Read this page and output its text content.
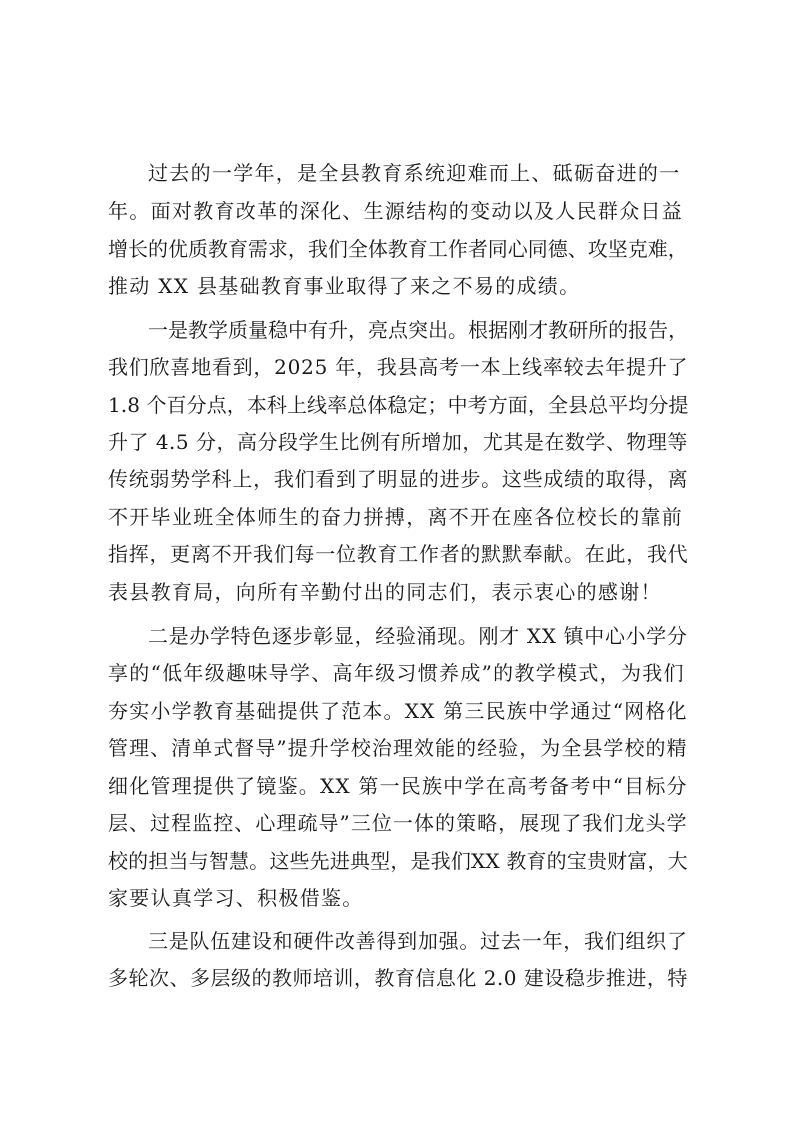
过去的一学年，是全县教育系统迎难而上、砥砺奋进的一

年。面对教育改革的深化、生源结构的变动以及人民群众日益

增长的优质教育需求，我们全体教育工作者同心同德、攻坚克难，

推动 XX 县基础教育事业取得了来之不易的成绩。

一是教学质量稳中有升，亮点突出。根据刚才教研所的报告，

我们欣喜地看到，2025 年，我县高考一本上线率较去年提升了

1.8 个百分点，本科上线率总体稳定；中考方面，全县总平均分提

升了 4.5 分，高分段学生比例有所增加，尤其是在数学、物理等

传统弱势学科上，我们看到了明显的进步。这些成绩的取得，离

不开毕业班全体师生的奋力拼搏，离不开在座各位校长的靠前

指挥，更离不开我们每一位教育工作者的默默奉献。在此，我代

表县教育局，向所有辛勤付出的同志们，表示衷心的感谢！

二是办学特色逐步彰显，经验涌现。刚才 XX 镇中心小学分

享的“低年级趣味导学、高年级习惯养成”的教学模式，为我们

夯实小学教育基础提供了范本。XX 第三民族中学通过“网格化

管理、清单式督导”提升学校治理效能的经验，为全县学校的精

细化管理提供了镜鉴。XX 第一民族中学在高考备考中“目标分

层、过程监控、心理疏导”三位一体的策略，展现了我们龙头学

校的担当与智慧。这些先进典型，是我们XX 教育的宝贵财富，大

家要认真学习、积极借鉴。

三是队伍建设和硬件改善得到加强。过去一年，我们组织了

多轮次、多层级的教师培训，教育信息化 2.0 建设稳步推进，特
